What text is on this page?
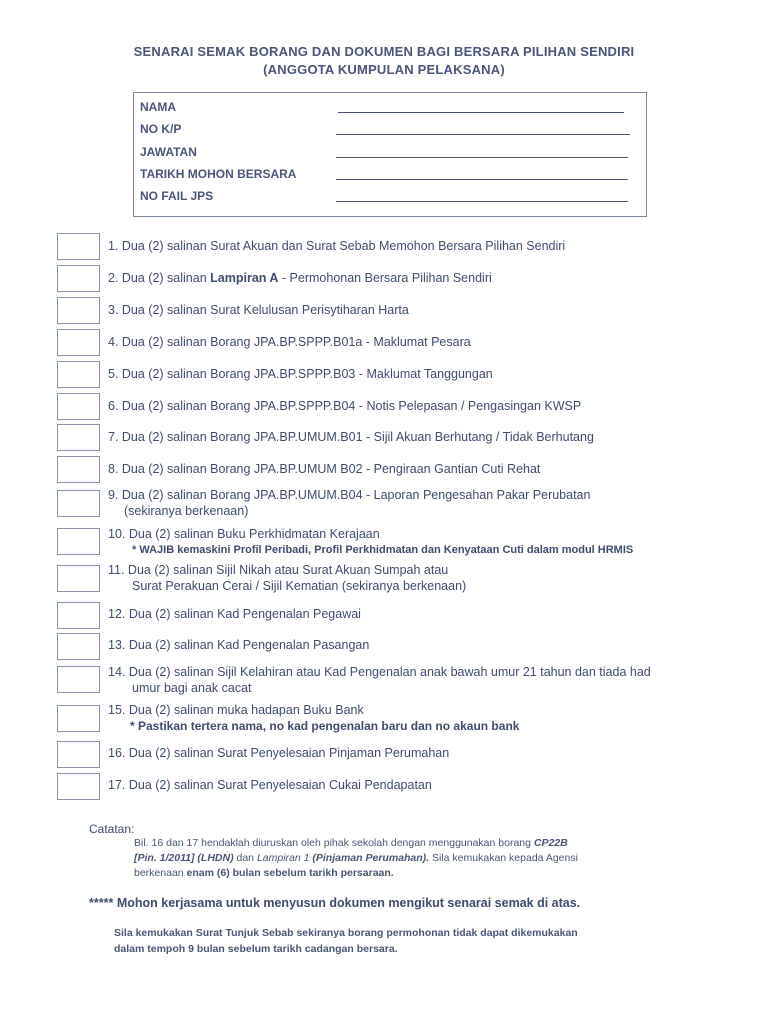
SENARAI SEMAK BORANG DAN DOKUMEN BAGI BERSARA PILIHAN SENDIRI
(ANGGOTA KUMPULAN PELAKSANA)
NAMA
NO K/P
JAWATAN
TARIKH MOHON BERSARA
NO FAIL JPS
1. Dua (2) salinan Surat Akuan dan Surat Sebab Memohon Bersara Pilihan Sendiri
2. Dua (2) salinan Lampiran A - Permohonan Bersara Pilihan Sendiri
3. Dua (2) salinan Surat Kelulusan Perisytiharan Harta
4. Dua (2) salinan Borang JPA.BP.SPPP.B01a - Maklumat Pesara
5. Dua (2) salinan Borang JPA.BP.SPPP.B03 - Maklumat Tanggungan
6. Dua (2) salinan Borang JPA.BP.SPPP.B04 - Notis Pelepasan / Pengasingan KWSP
7. Dua (2) salinan Borang JPA.BP.UMUM.B01 - Sijil Akuan Berhutang / Tidak Berhutang
8. Dua (2) salinan Borang JPA.BP.UMUM B02 - Pengiraan Gantian Cuti Rehat
9. Dua (2) salinan Borang JPA.BP.UMUM.B04 - Laporan Pengesahan Pakar Perubatan
(sekiranya berkenaan)
10. Dua (2) salinan Buku Perkhidmatan Kerajaan
* WAJIB kemaskini Profil Peribadi, Profil Perkhidmatan dan Kenyataan Cuti dalam modul HRMIS
11. Dua (2) salinan Sijil Nikah atau Surat Akuan Sumpah atau
Surat Perakuan Cerai / Sijil Kematian (sekiranya berkenaan)
12. Dua (2) salinan Kad Pengenalan Pegawai
13. Dua (2) salinan Kad Pengenalan Pasangan
14. Dua (2) salinan Sijil Kelahiran atau Kad Pengenalan anak bawah umur 21 tahun dan tiada had
umur bagi anak cacat
15. Dua (2) salinan muka hadapan Buku Bank
* Pastikan tertera nama, no kad pengenalan baru dan no akaun bank
16. Dua (2) salinan Surat Penyelesaian Pinjaman Perumahan
17. Dua (2) salinan Surat Penyelesaian Cukai Pendapatan
Catatan:
Bil. 16 dan 17 hendaklah diuruskan oleh pihak sekolah dengan menggunakan borang CP22B
[Pin. 1/2011] (LHDN) dan Lampiran 1 (Pinjaman Perumahan). Sila kemukakan kepada Agensi
berkenaan enam (6) bulan sebelum tarikh persaraan.
***** Mohon kerjasama untuk menyusun dokumen mengikut senarai semak di atas.
Sila kemukakan Surat Tunjuk Sebab sekiranya borang permohonan tidak dapat dikemukakan
dalam tempoh 9 bulan sebelum tarikh cadangan bersara.
